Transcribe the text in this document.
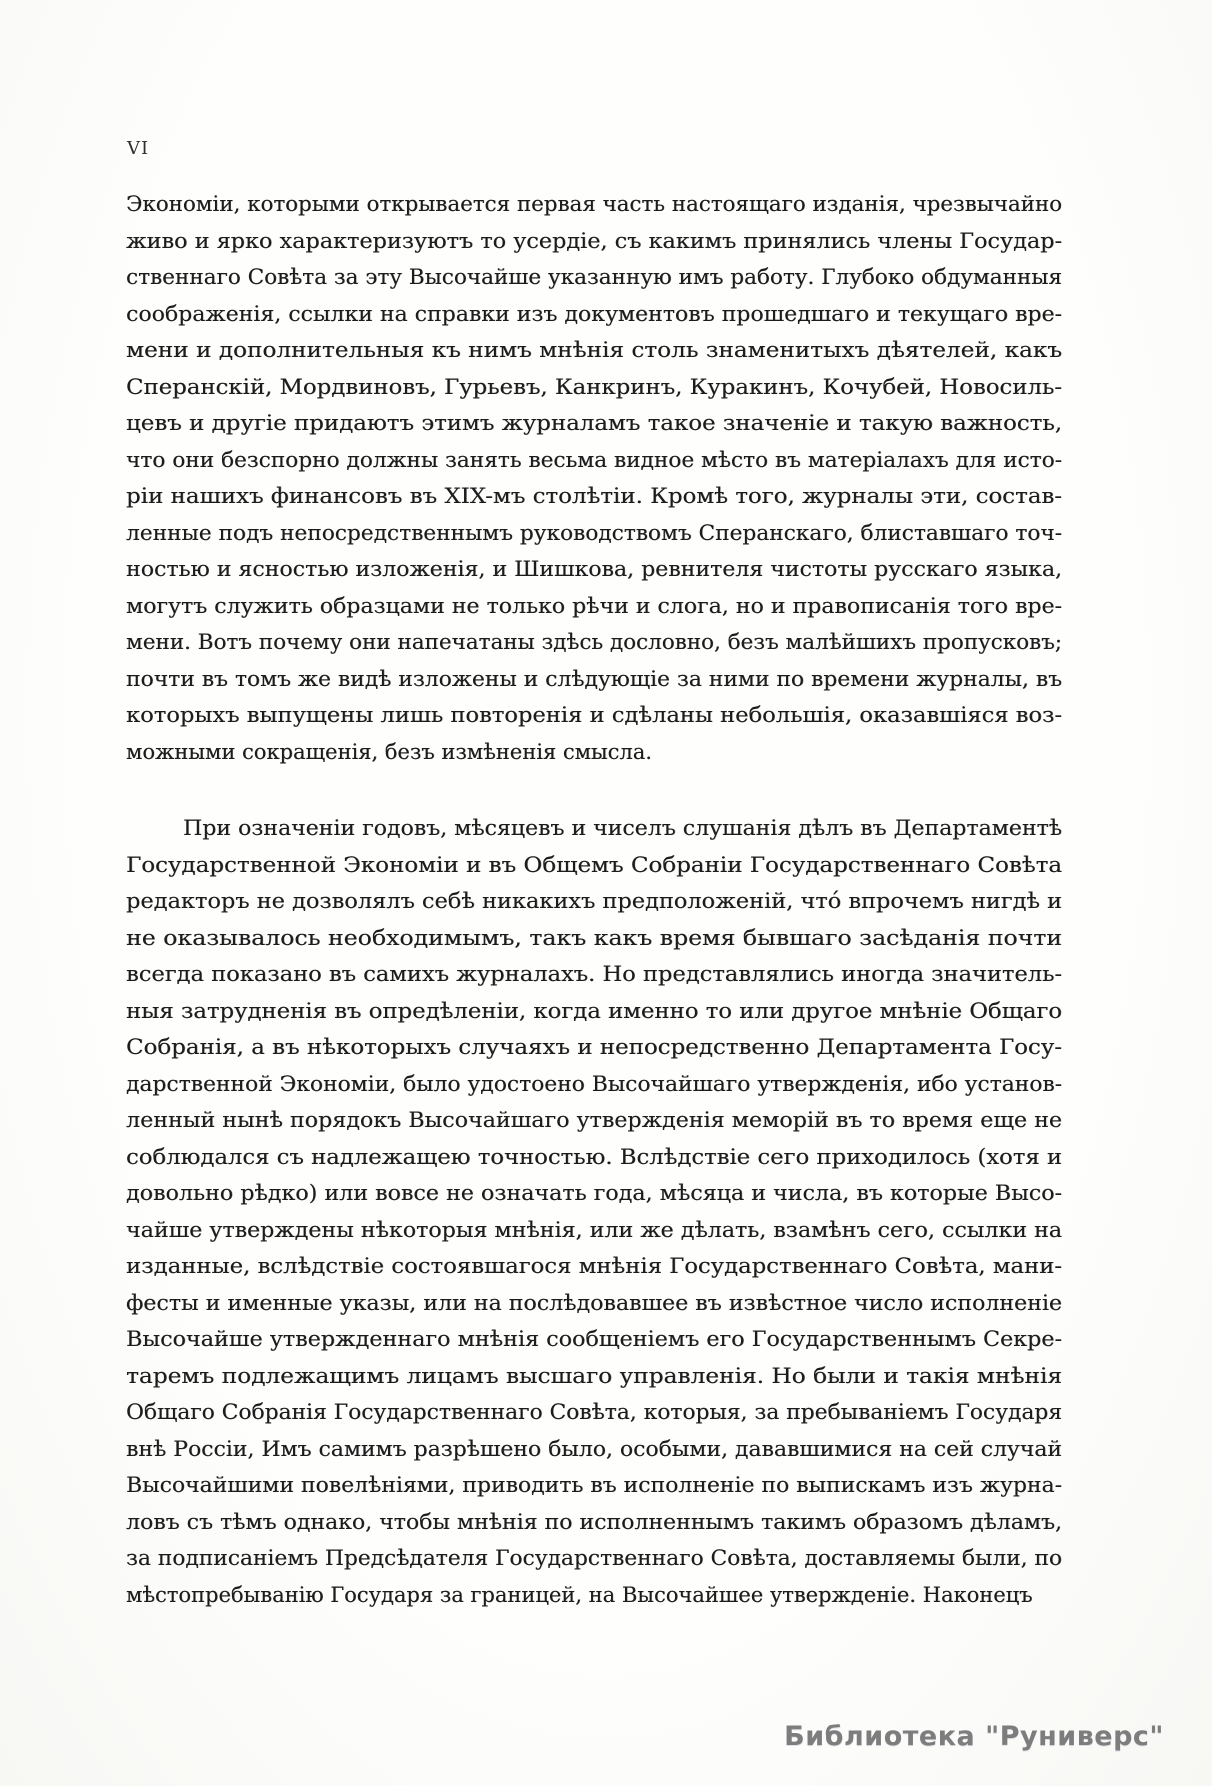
VI
Экономіи, которыми открывается первая часть настоящаго изданія, чрезвычайно
живо и ярко характеризуютъ то усердіе, съ какимъ принялись члены Государ-
ственнаго Совѣта за эту Высочайше указанную имъ работу. Глубоко обдуманныя
соображенія, ссылки на справки изъ документовъ прошедшаго и текущаго вре-
мени и дополнительныя къ нимъ мнѣнія столь знаменитыхъ дѣятелей, какъ
Сперанскій, Мордвиновъ, Гурьевъ, Канкринъ, Куракинъ, Кочубей, Новосиль-
цевъ и другіе придаютъ этимъ журналамъ такое значеніе и такую важность,
что они безспорно должны занять весьма видное мѣсто въ матеріалахъ для исто-
ріи нашихъ финансовъ въ XIX-мъ столѣтіи. Кромѣ того, журналы эти, состав-
ленные подъ непосредственнымъ руководствомъ Сперанскаго, блиставшаго точ-
ностью и ясностью изложенія, и Шишкова, ревнителя чистоты русскаго языка,
могутъ служить образцами не только рѣчи и слога, но и правописанія того вре-
мени. Вотъ почему они напечатаны здѣсь дословно, безъ малѣйшихъ пропусковъ;
почти въ томъ же видѣ изложены и слѣдующіе за ними по времени журналы, въ
которыхъ выпущены лишь повторенія и сдѣланы небольшія, оказавшіяся воз-
можными сокращенія, безъ измѣненія смысла.
При означеніи годовъ, мѣсяцевъ и чиселъ слушанія дѣлъ въ Департаментѣ
Государственной Экономіи и въ Общемъ Собраніи Государственнаго Совѣта
редакторъ не дозволялъ себѣ никакихъ предположеній, что́ впрочемъ нигдѣ и
не оказывалось необходимымъ, такъ какъ время бывшаго засѣданія почти
всегда показано въ самихъ журналахъ. Но представлялись иногда значитель-
ныя затрудненія въ опредѣленіи, когда именно то или другое мнѣніе Общаго
Собранія, а въ нѣкоторыхъ случаяхъ и непосредственно Департамента Госу-
дарственной Экономіи, было удостоено Высочайшаго утвержденія, ибо установ-
ленный нынѣ порядокъ Высочайшаго утвержденія меморій въ то время еще не
соблюдался съ надлежащею точностью. Вслѣдствіе сего приходилось (хотя и
довольно рѣдко) или вовсе не означать года, мѣсяца и числа, въ которые Высо-
чайше утверждены нѣкоторыя мнѣнія, или же дѣлать, взамѣнъ сего, ссылки на
изданные, вслѣдствіе состоявшагося мнѣнія Государственнаго Совѣта, мани-
фесты и именные указы, или на послѣдовавшее въ извѣстное число исполненіе
Высочайше утвержденнаго мнѣнія сообщеніемъ его Государственнымъ Секре-
таремъ подлежащимъ лицамъ высшаго управленія. Но были и такія мнѣнія
Общаго Собранія Государственнаго Совѣта, которыя, за пребываніемъ Государя
внѣ Россіи, Имъ самимъ разрѣшено было, особыми, дававшимися на сей случай
Высочайшими повелѣніями, приводить въ исполненіе по выпискамъ изъ журна-
ловъ съ тѣмъ однако, чтобы мнѣнія по исполненнымъ такимъ образомъ дѣламъ,
за подписаніемъ Предсѣдателя Государственнаго Совѣта, доставляемы были, по
мѣстопребыванію Государя за границей, на Высочайшее утвержденіе. Наконецъ
Библиотека "Руниверс"
